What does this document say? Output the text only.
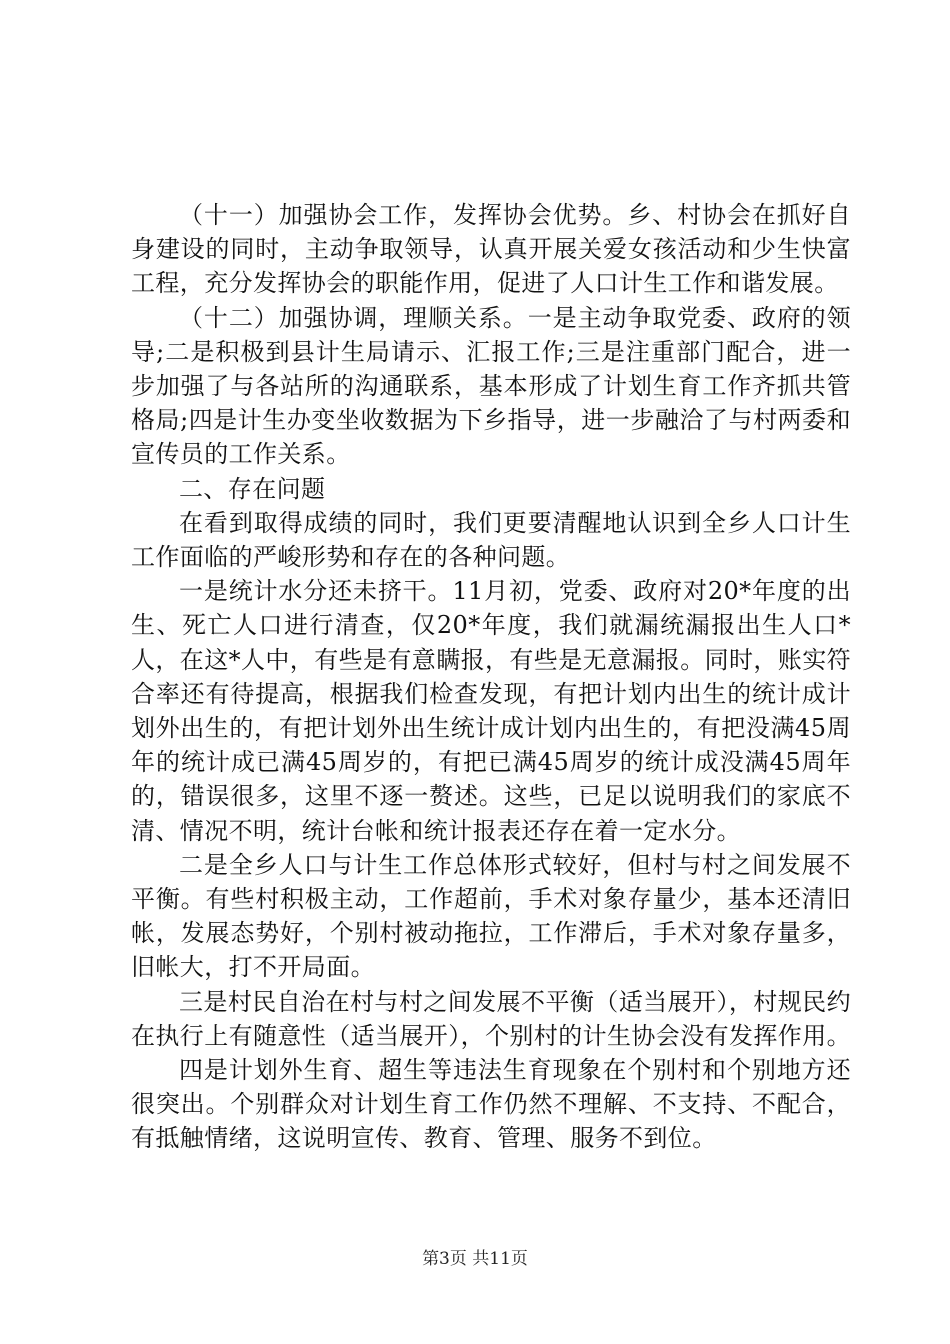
（十一）加强协会工作，发挥协会优势。乡、村协会在抓好自身建设的同时，主动争取领导，认真开展关爱女孩活动和少生快富工程，充分发挥协会的职能作用，促进了人口计生工作和谐发展。

（十二）加强协调，理顺关系。一是主动争取党委、政府的领导;二是积极到县计生局请示、汇报工作;三是注重部门配合，进一步加强了与各站所的沟通联系，基本形成了计划生育工作齐抓共管格局;四是计生办变坐收数据为下乡指导，进一步融洽了与村两委和宣传员的工作关系。

二、存在问题

在看到取得成绩的同时，我们更要清醒地认识到全乡人口计生工作面临的严峻形势和存在的各种问题。

一是统计水分还未挤干。11月初，党委、政府对20*年度的出生、死亡人口进行清查，仅20*年度，我们就漏统漏报出生人口*人，在这*人中，有些是有意瞒报，有些是无意漏报。同时，账实符合率还有待提高，根据我们检查发现，有把计划内出生的统计成计划外出生的，有把计划外出生统计成计划内出生的，有把没满45周年的统计成已满45周岁的，有把已满45周岁的统计成没满45周年的，错误很多，这里不逐一赘述。这些，已足以说明我们的家底不清、情况不明，统计台帐和统计报表还存在着一定水分。

二是全乡人口与计生工作总体形式较好，但村与村之间发展不平衡。有些村积极主动，工作超前，手术对象存量少，基本还清旧帐，发展态势好，个别村被动拖拉，工作滞后，手术对象存量多，旧帐大，打不开局面。

三是村民自治在村与村之间发展不平衡（适当展开），村规民约在执行上有随意性（适当展开），个别村的计生协会没有发挥作用。

四是计划外生育、超生等违法生育现象在个别村和个别地方还很突出。个别群众对计划生育工作仍然不理解、不支持、不配合，有抵触情绪，这说明宣传、教育、管理、服务不到位。

第3页 共11页
